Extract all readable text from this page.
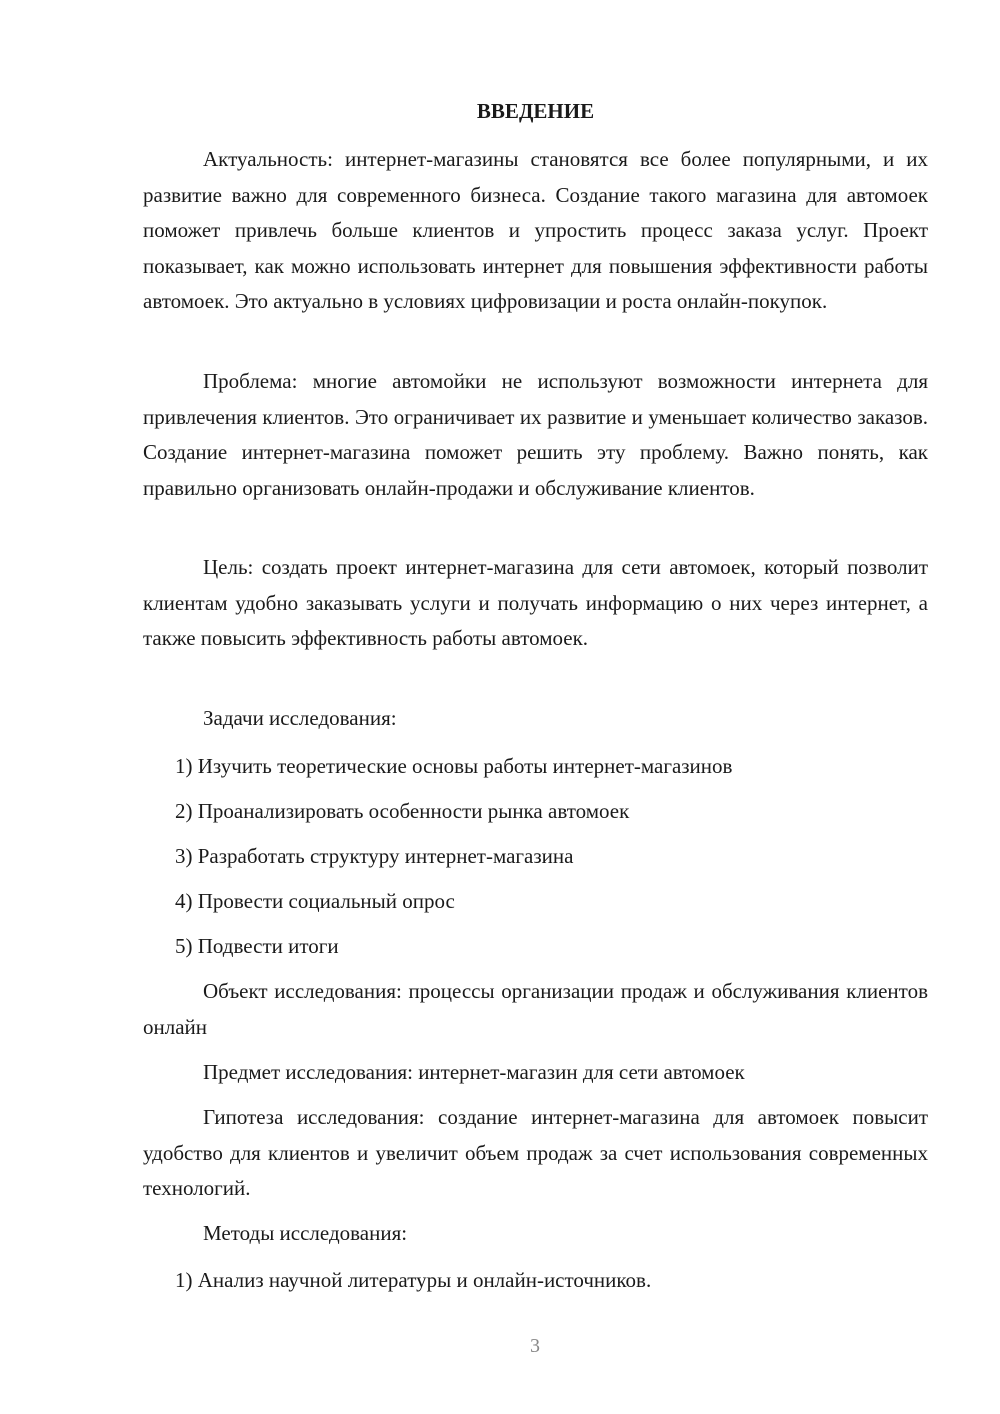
ВВЕДЕНИЕ

Актуальность: интернет-магазины становятся все более популярными, и их развитие важно для современного бизнеса. Создание такого магазина для автомоек поможет привлечь больше клиентов и упростить процесс заказа услуг. Проект показывает, как можно использовать интернет для повышения эффективности работы автомоек. Это актуально в условиях цифровизации и роста онлайн-покупок.

Проблема: многие автомойки не используют возможности интернета для привлечения клиентов. Это ограничивает их развитие и уменьшает количество заказов. Создание интернет-магазина поможет решить эту проблему. Важно понять, как правильно организовать онлайн-продажи и обслуживание клиентов.

Цель: создать проект интернет-магазина для сети автомоек, который позволит клиентам удобно заказывать услуги и получать информацию о них через интернет, а также повысить эффективность работы автомоек.

Задачи исследования:

1) Изучить теоретические основы работы интернет-магазинов

2) Проанализировать особенности рынка автомоек

3) Разработать структуру интернет-магазина

4) Провести социальный опрос

5) Подвести итоги

Объект исследования: процессы организации продаж и обслуживания клиентов онлайн

Предмет исследования: интернет-магазин для сети автомоек

Гипотеза исследования: создание интернет-магазина для автомоек повысит удобство для клиентов и увеличит объем продаж за счет использования современных технологий.

Методы исследования:

1) Анализ научной литературы и онлайн-источников.

3
